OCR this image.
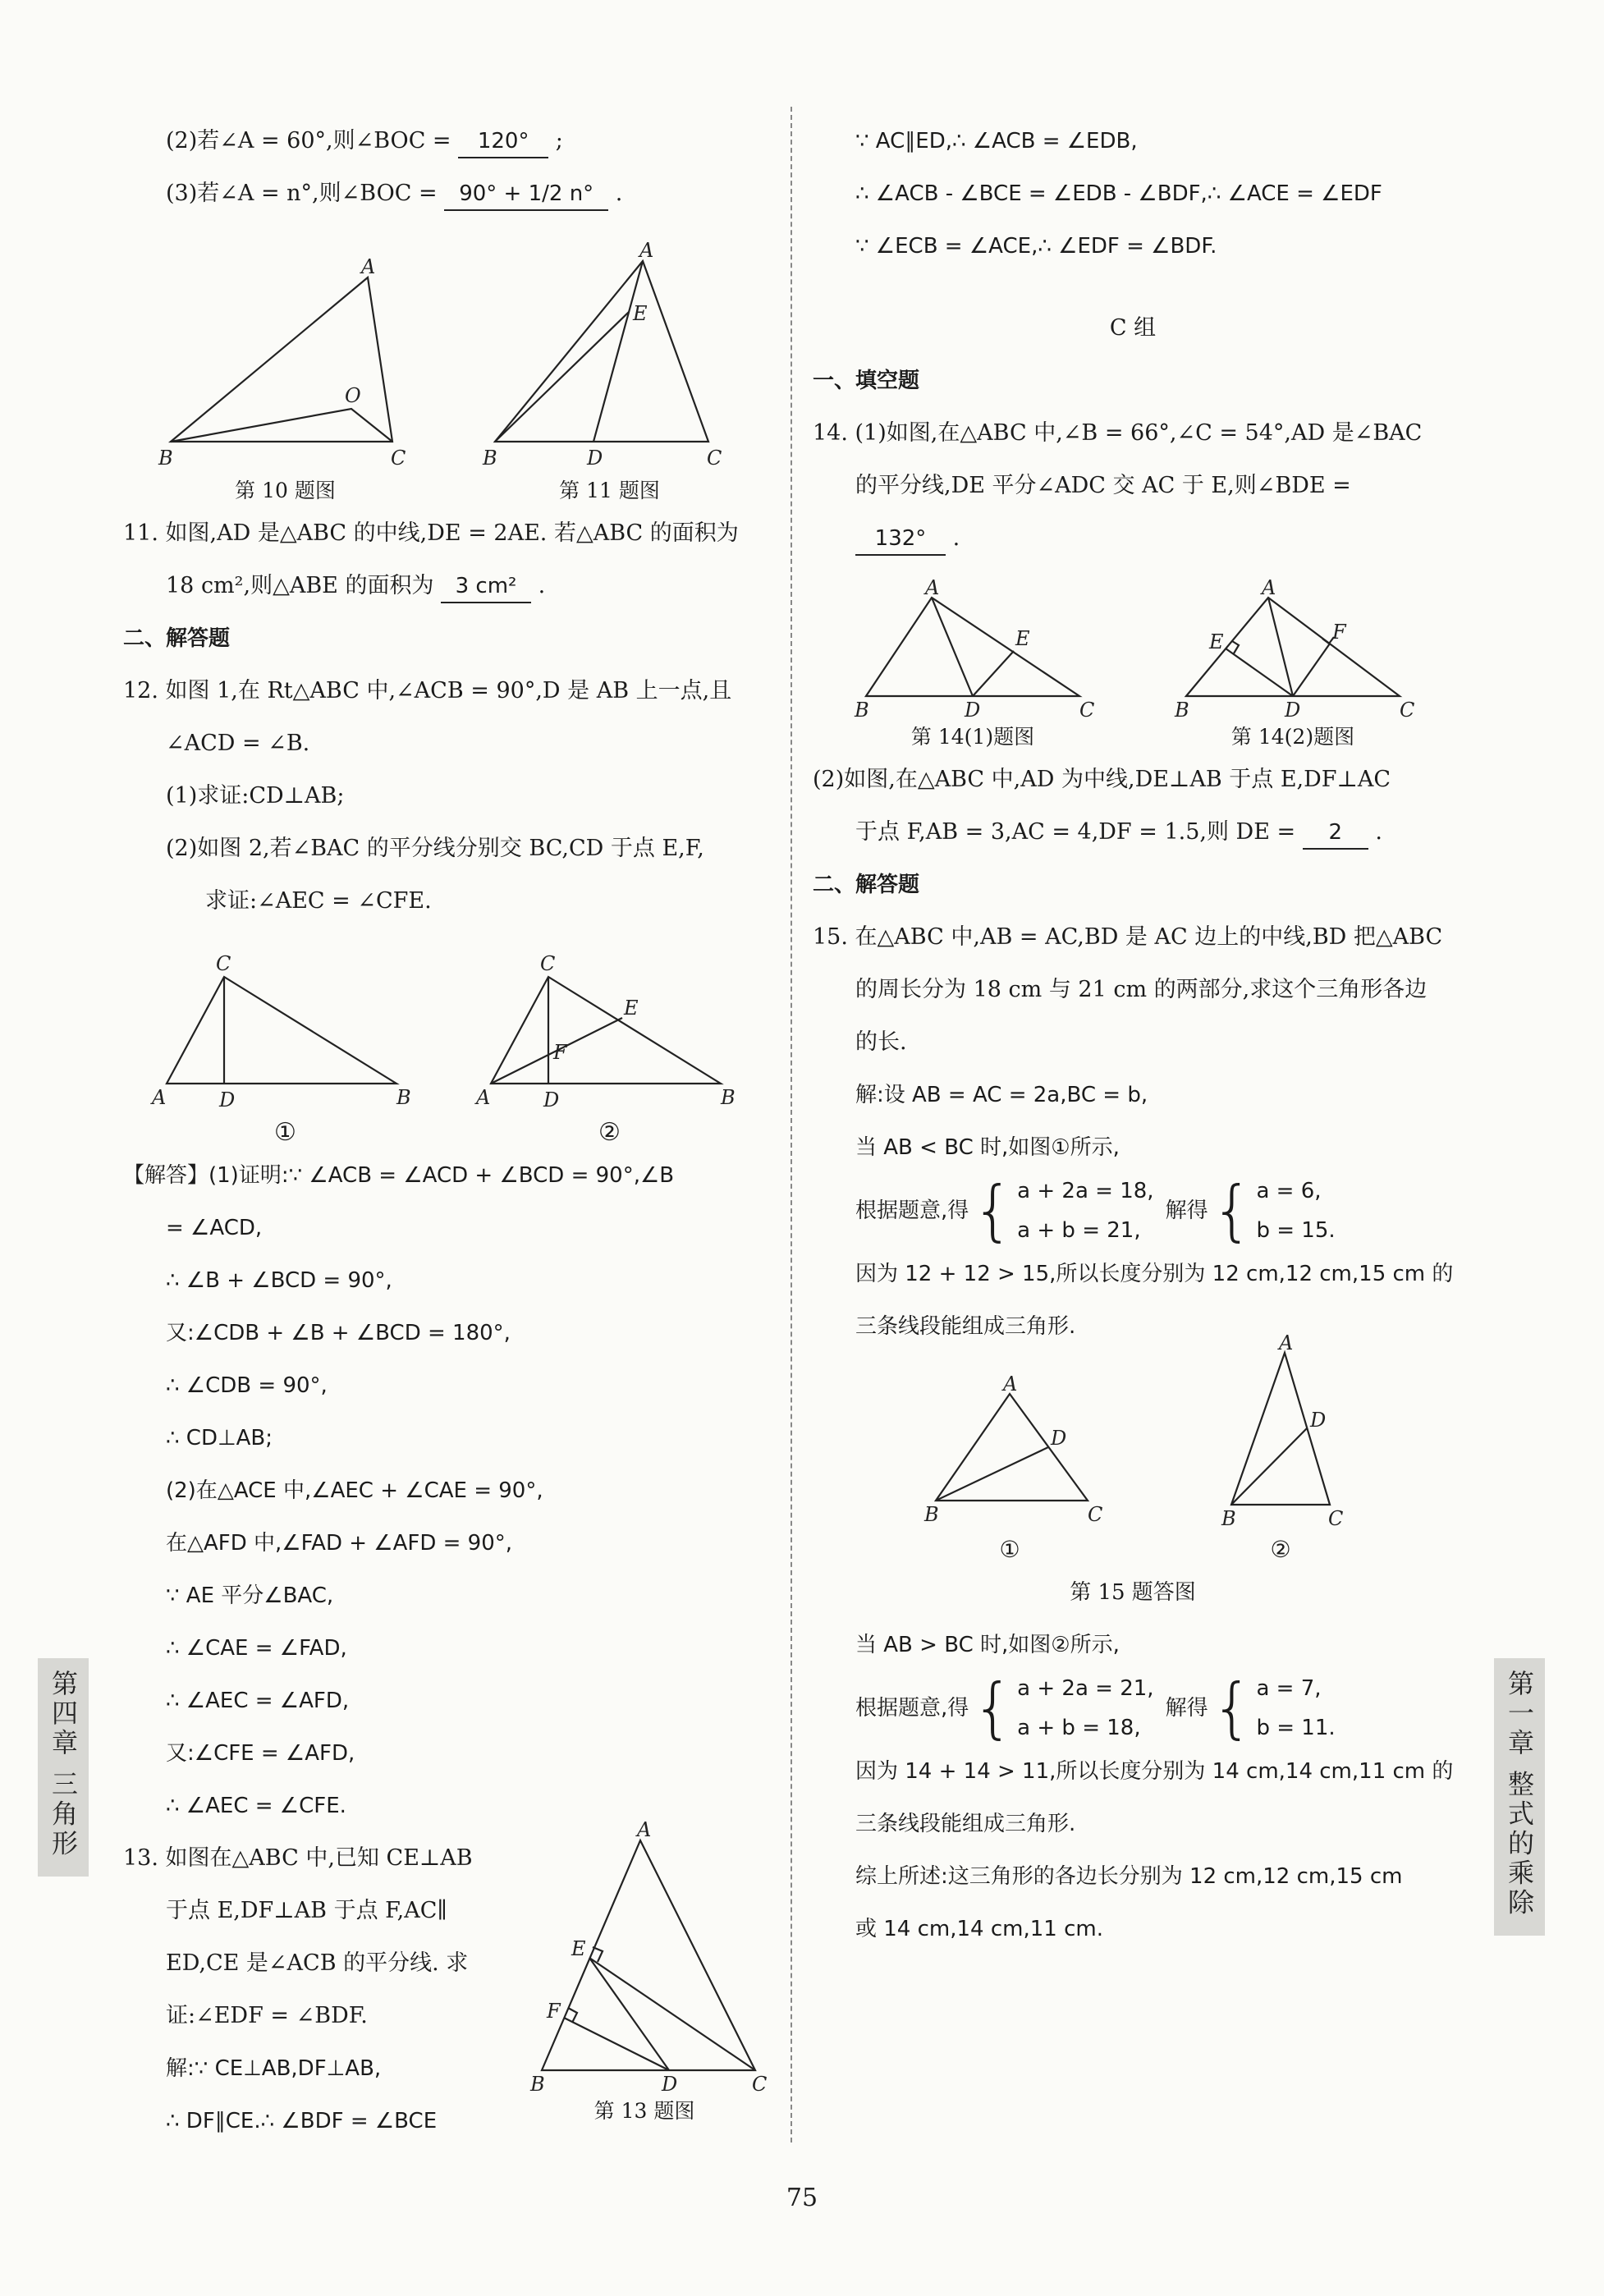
(2)若∠A = 60°,则∠BOC = 120° ;

(3)若∠A = n°,则∠BOC = 90° + 1/2 n° .

A
B	C
O
第 10 题图
A
B	C
D
E
第 11 题图

11. 如图,AD 是△ABC 的中线,DE = 2AE. 若△ABC 的面积为

18 cm²,则△ABE 的面积为 3 cm² .

二、解答题

12. 如图 1,在 Rt△ABC 中,∠ACB = 90°,D 是 AB 上一点,且

∠ACD = ∠B.

(1)求证:CD⊥AB;

(2)如图 2,若∠BAC 的平分线分别交 BC,CD 于点 E,F,

求证:∠AEC = ∠CFE.

C
A	B
D
①
C
A	B
D
E
F
②

【解答】(1)证明:∵ ∠ACB = ∠ACD + ∠BCD = 90°,∠B

= ∠ACD,

∴ ∠B + ∠BCD = 90°,

又:∠CDB + ∠B + ∠BCD = 180°,

∴ ∠CDB = 90°,

∴ CD⊥AB;

(2)在△ACE 中,∠AEC + ∠CAE = 90°,

在△AFD 中,∠FAD + ∠AFD = 90°,

∵ AE 平分∠BAC,

∴ ∠CAE = ∠FAD,

∴ ∠AEC = ∠AFD,

又:∠CFE = ∠AFD,

∴ ∠AEC = ∠CFE.

13. 如图在△ABC 中,已知 CE⊥AB

于点 E,DF⊥AB 于点 F,AC∥

ED,CE 是∠ACB 的平分线. 求

证:∠EDF = ∠BDF.

解:∵ CE⊥AB,DF⊥AB,

∴ DF∥CE.∴ ∠BDF = ∠BCE

A
B	C
D
E
F
第 13 题图

∵ AC∥ED,∴ ∠ACB = ∠EDB,

∴ ∠ACB - ∠BCE = ∠EDB - ∠BDF,∴ ∠ACE = ∠EDF

∵ ∠ECB = ∠ACE,∴ ∠EDF = ∠BDF.

C 组

一、填空题

14. (1)如图,在△ABC 中,∠B = 66°,∠C = 54°,AD 是∠BAC

的平分线,DE 平分∠ADC 交 AC 于 E,则∠BDE =

132° .

A
B	C
D
E
第 14(1)题图
A
B	C
D
E	F
第 14(2)题图

(2)如图,在△ABC 中,AD 为中线,DE⊥AB 于点 E,DF⊥AC

于点 F,AB = 3,AC = 4,DF = 1.5,则 DE = 2 .

二、解答题

15. 在△ABC 中,AB = AC,BD 是 AC 边上的中线,BD 把△ABC

的周长分为 18 cm 与 21 cm 的两部分,求这个三角形各边

的长.

解:设 AB = AC = 2a,BC = b,

当 AB < BC 时,如图①所示,

根据题意,得 { a + 2a = 18,
a + b = 21,
解得 { a = 6,
b = 15.

因为 12 + 12 > 15,所以长度分别为 12 cm,12 cm,15 cm 的

三条线段能组成三角形.

A
B	C
D
①
A
B	C
D
②

第 15 题答图

当 AB > BC 时,如图②所示,

根据题意,得 { a + 2a = 21,
a + b = 18,
解得 { a = 7,
b = 11.

因为 14 + 14 > 11,所以长度分别为 14 cm,14 cm,11 cm 的

三条线段能组成三角形.

综上所述:这三角形的各边长分别为 12 cm,12 cm,15 cm

或 14 cm,14 cm,11 cm.

第四章 三角形	第一章 整式的乘除
75
